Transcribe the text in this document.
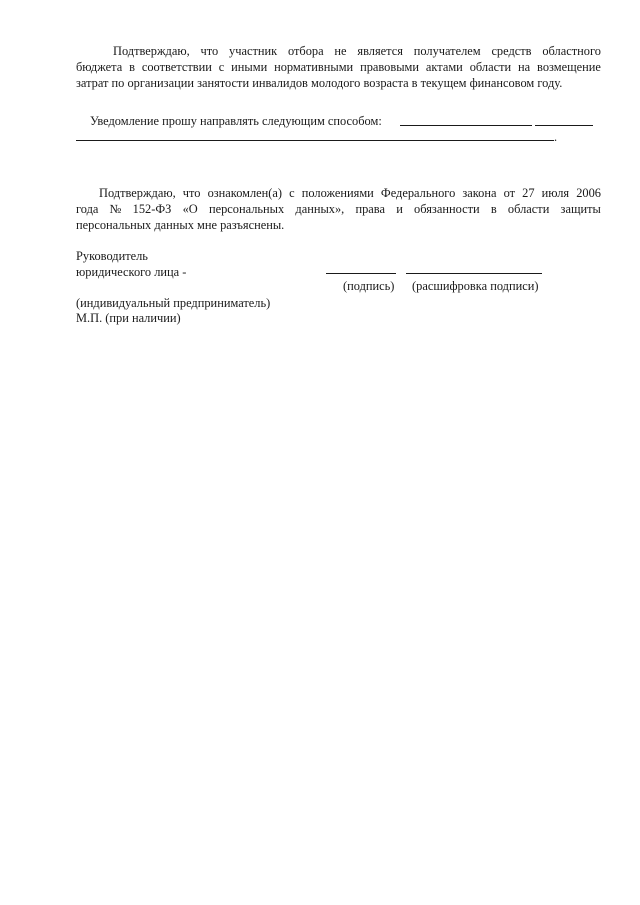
Подтверждаю, что участник отбора не является получателем средств областного
бюджета в соответствии с иными нормативными правовыми актами области на возмещение
затрат по организации занятости инвалидов молодого возраста в текущем финансовом году.
Уведомление прошу направлять следующим способом:
.
Подтверждаю, что ознакомлен(а) с положениями Федерального закона от 27 июля 2006
года № 152-ФЗ «О персональных данных», права и обязанности в области защиты
персональных данных мне разъяснены.
Руководитель
юридического лица -
(подпись) (расшифровка подписи)
(индивидуальный предприниматель)
М.П. (при наличии)
